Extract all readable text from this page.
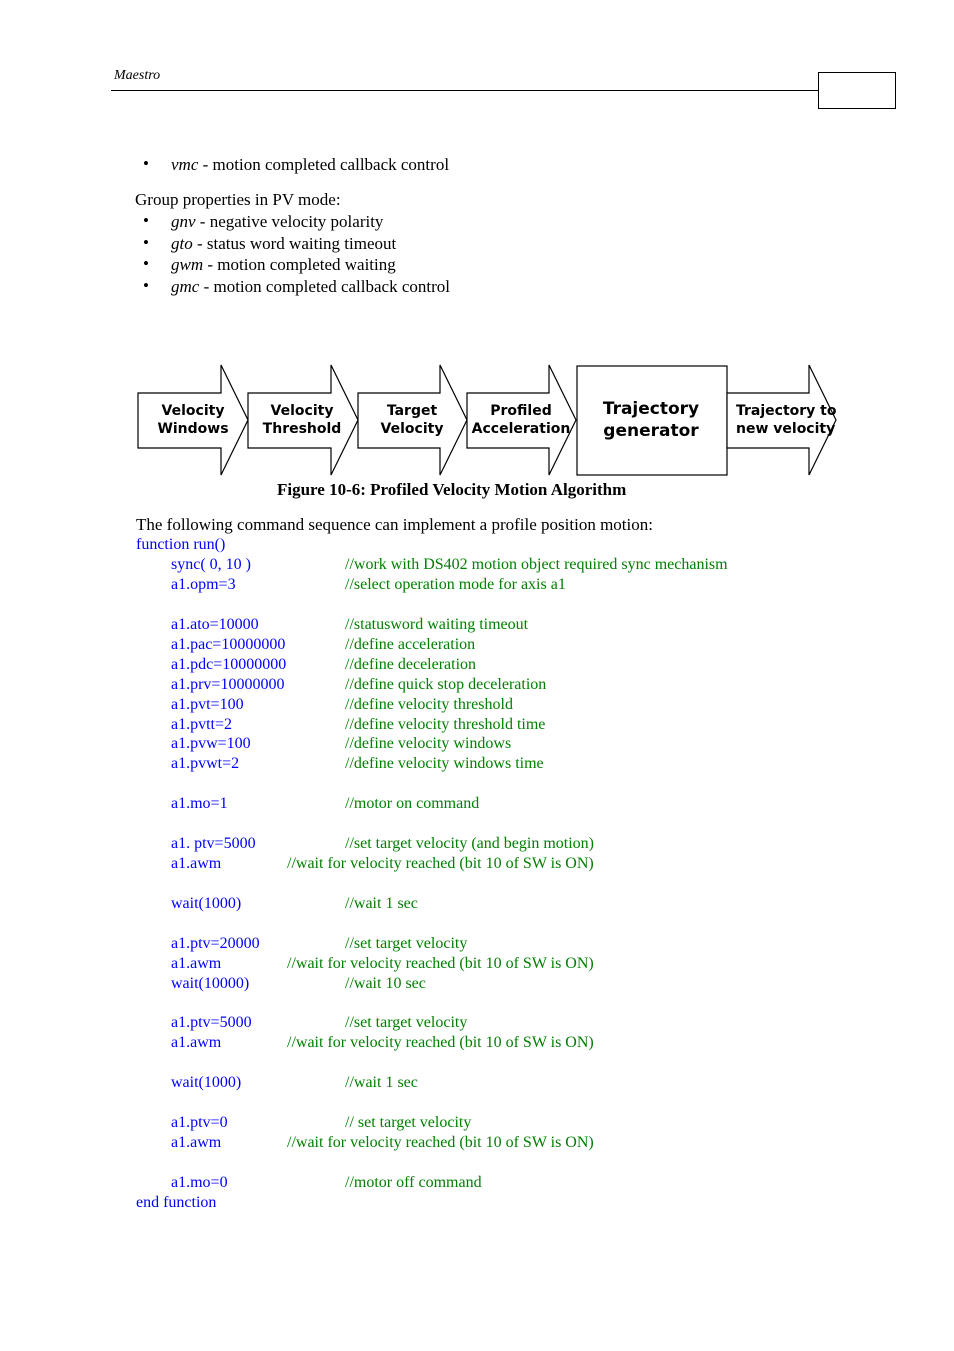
Maestro
• vmc - motion completed callback control
Group properties in PV mode:
• gnv - negative velocity polarity
• gto - status word waiting timeout
• gwm - motion completed waiting
• gmc - motion completed callback control
Velocity
Windows
Velocity
Threshold
Target
Velocity
Profiled
Acceleration
Trajectory
generator
Trajectory to
new velocity
Figure 10-6: Profiled Velocity Motion Algorithm
The following command sequence can implement a profile position motion:
function run()
sync( 0, 10 )	//work with DS402 motion object required sync mechanism
a1.opm=3	//select operation mode for axis a1
a1.ato=10000	//statusword waiting timeout
a1.pac=10000000	//define acceleration
a1.pdc=10000000	//define deceleration
a1.prv=10000000	//define quick stop deceleration
a1.pvt=100	//define velocity threshold
a1.pvtt=2	//define velocity threshold time
a1.pvw=100	//define velocity windows
a1.pvwt=2	//define velocity windows time
a1.mo=1	//motor on command
a1. ptv=5000	//set target velocity (and begin motion)
a1.awm	//wait for velocity reached (bit 10 of SW is ON)
wait(1000)	//wait 1 sec
a1.ptv=20000	//set target velocity
a1.awm	//wait for velocity reached (bit 10 of SW is ON)
wait(10000)	//wait 10 sec
a1.ptv=5000	//set target velocity
a1.awm	//wait for velocity reached (bit 10 of SW is ON)
wait(1000)	//wait 1 sec
a1.ptv=0	// set target velocity
a1.awm	//wait for velocity reached (bit 10 of SW is ON)
a1.mo=0	//motor off command
end function
